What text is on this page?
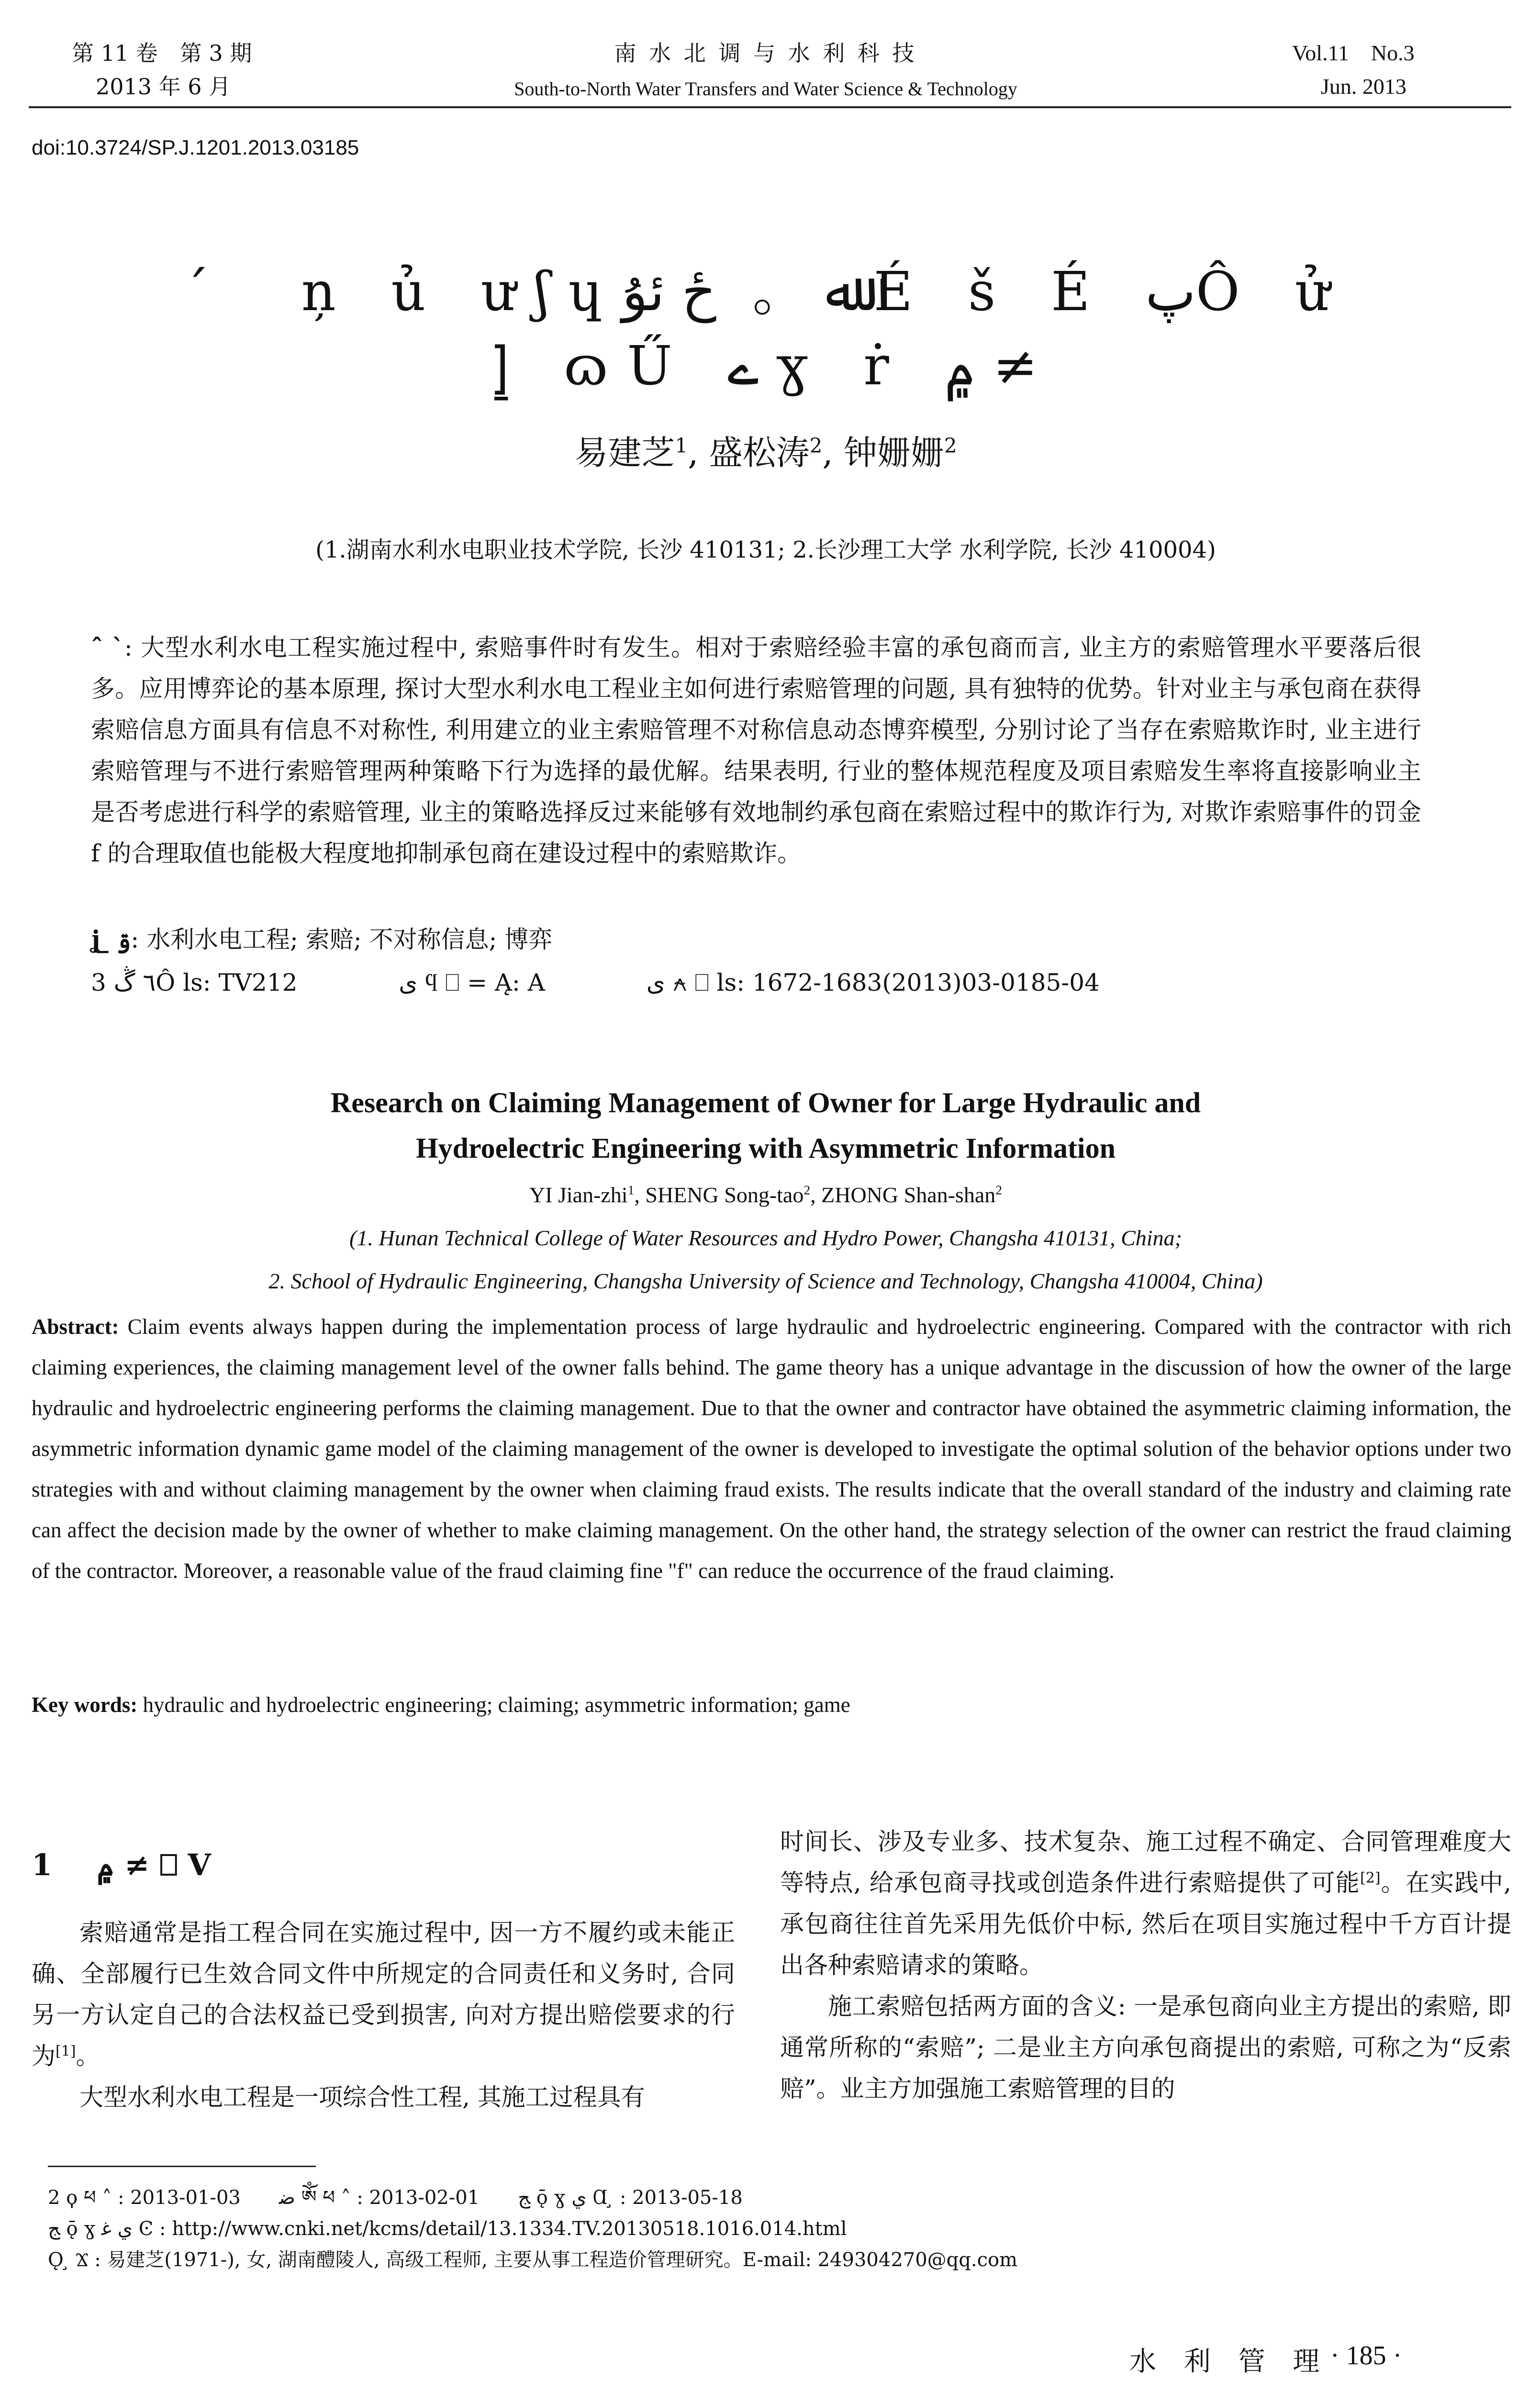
第 11 卷　第 3 期
2013 年 6 月
南 水 北 调 与 水 利 科 技
South-to-North Water Transfers and Water Science & Technology
Vol.11　No.3
Jun. 2013
doi:10.3724/SP.J.1201.2013.03185
´　ņ ủ ưʃɥﷲ。 ځ ئۇ É š É پÔ ử
⦌ ɷŰ ے ɣ ṙ ۾ ≠
易建芝$^1$, 盛松涛$^2$, 钟姗姗$^2$
(1.湖南水利水电职业技术学院, 长沙 410131; 2.长沙理工大学 水利学院, 长沙 410004)
ˆ ˋ: 大型水利水电工程实施过程中, 索赔事件时有发生。相对于索赔经验丰富的承包商而言, 业主方的索赔管理水平要落后很多。应用博弈论的基本原理, 探讨大型水利水电工程业主如何进行索赔管理的问题, 具有独特的优势。针对业主与承包商在获得索赔信息方面具有信息不对称性, 利用建立的业主索赔管理不对称信息动态博弈模型, 分别讨论了当存在索赔欺诈时, 业主进行索赔管理与不进行索赔管理两种策略下行为选择的最优解。结果表明, 行业的整体规范程度及项目索赔发生率将直接影响业主是否考虑进行科学的索赔管理, 业主的策略选择反过来能够有效地制约承包商在索赔过程中的欺诈行为, 对欺诈索赔事件的罚金 f 的合理取值也能极大程度地抑制承包商在建设过程中的索赔欺诈。
ʝ ̲ ۊ: 水利水电工程; 索赔; 不对称信息; 博弈
3 ٦ ڴÔ ls: TV212	ی ϥ ⎕ = Ą: A	ی ⍲ ⎕ ls: 1672-1683(2013)03-0185-04
Research on Claiming Management of Owner for Large Hydraulic and
Hydroelectric Engineering with Asymmetric Information
YI Jian-zhi$^1$, SHENG Song-tao$^2$, ZHONG Shan-shan$^2$
(1. Hunan Technical College of Water Resources and Hydro Power, Changsha 410131, China;
2. School of Hydraulic Engineering, Changsha University of Science and Technology, Changsha 410004, China)
Abstract: Claim events always happen during the implementation process of large hydraulic and hydroelectric engineering. Compared with the contractor with rich claiming experiences, the claiming management level of the owner falls behind. The game theory has a unique advantage in the discussion of how the owner of the large hydraulic and hydroelectric engineering performs the claiming management. Due to that the owner and contractor have obtained the asymmetric claiming information, the asymmetric information dynamic game model of the claiming management of the owner is developed to investigate the optimal solution of the behavior options under two strategies with and without claiming management by the owner when claiming fraud exists. The results indicate that the overall standard of the industry and claiming rate can affect the decision made by the owner of whether to make claiming management. On the other hand, the strategy selection of the owner can restrict the fraud claiming of the contractor. Moreover, a reasonable value of the fraud claiming fine "f" can reduce the occurrence of the fraud claiming.
Key words: hydraulic and hydroelectric engineering; claiming; asymmetric information; game
1 ۾ ≠ ⎕ V

索赔通常是指工程合同在实施过程中, 因一方不履约或未能正确、全部履行已生效合同文件中所规定的合同责任和义务时, 合同另一方认定自己的合法权益已受到损害, 向对方提出赔偿要求的行为[1]。

大型水利水电工程是一项综合性工程, 其施工过程具有

时间长、涉及专业多、技术复杂、施工过程不确定、合同管理难度大等特点, 给承包商寻找或创造条件进行索赔提供了可能[2]。在实践中, 承包商往往首先采用先低价中标, 然后在项目实施过程中千方百计提出各种索赔请求的策略。

施工索赔包括两方面的含义: 一是承包商向业主方提出的索赔, 即通常所称的“索赔”; 二是业主方向承包商提出的索赔, 可称之为“反索赔”。业主方加强施工索赔管理的目的

2 ϙ ཕ ˄ : 2013-01-03　　ﺿ ༀ ཕ ˄ : 2013-02-01　　ﺞ ǭ ɣ ي Ɑ ̧ : 2013-05-18
ﺞ ǭ ɣ ي ﻏ Ͼ : http://www.cnki.net/kcms/detail/13.1334.TV.20130518.1016.014.html
Ǫ ̧ Ϫ : 易建芝(1971-), 女, 湖南醴陵人, 高级工程师, 主要从事工程造价管理研究。E-mail: 249304270@qq.com
水 利 管 理 · 185 ·
